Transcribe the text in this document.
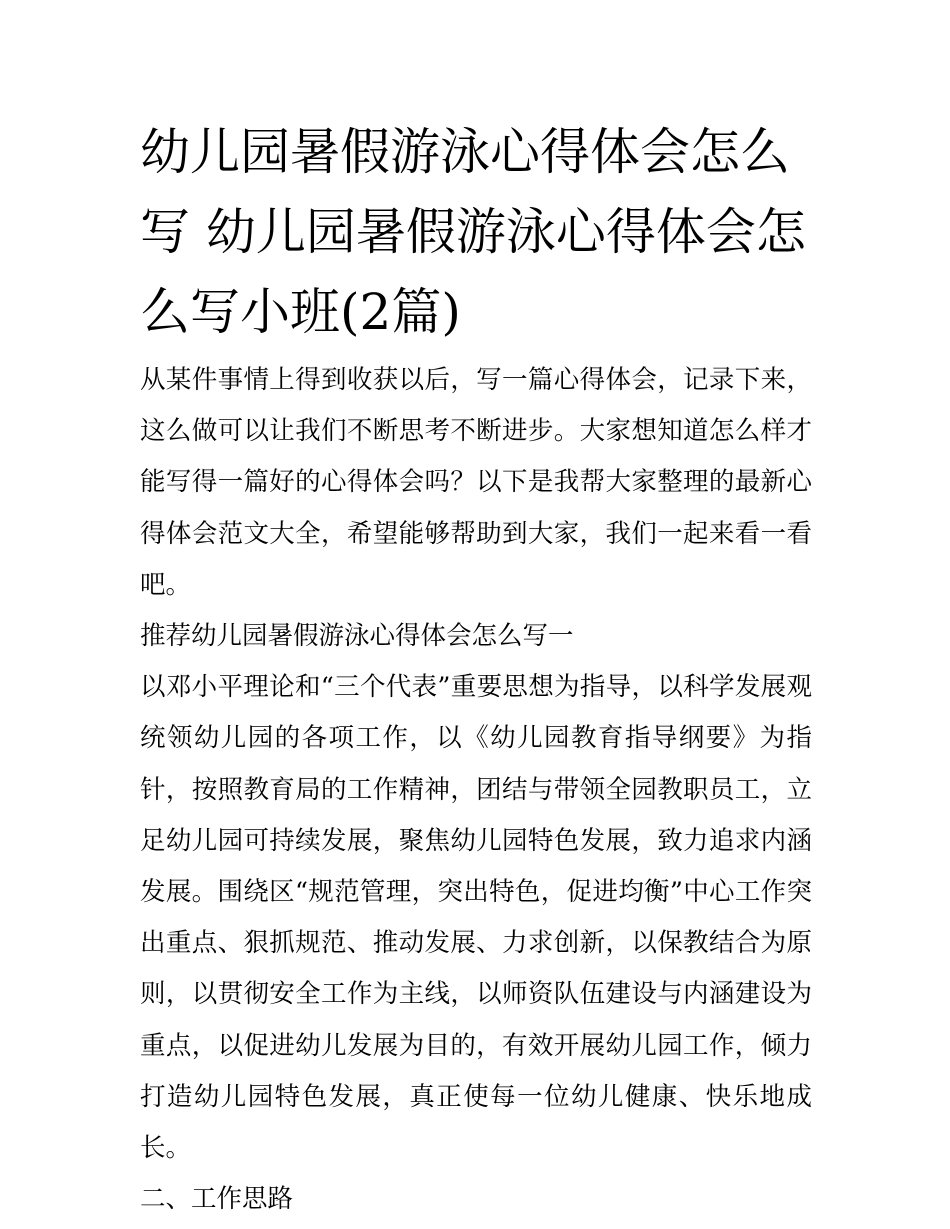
幼儿园暑假游泳心得体会怎么写 幼儿园暑假游泳心得体会怎么写小班(2篇)

从某件事情上得到收获以后，写一篇心得体会，记录下来，这么做可以让我们不断思考不断进步。大家想知道怎么样才能写得一篇好的心得体会吗？以下是我帮大家整理的最新心得体会范文大全，希望能够帮助到大家，我们一起来看一看吧。

推荐幼儿园暑假游泳心得体会怎么写一

以邓小平理论和“三个代表”重要思想为指导，以科学发展观统领幼儿园的各项工作，以《幼儿园教育指导纲要》为指针，按照教育局的工作精神，团结与带领全园教职员工，立足幼儿园可持续发展，聚焦幼儿园特色发展，致力追求内涵发展。围绕区“规范管理，突出特色，促进均衡”中心工作突出重点、狠抓规范、推动发展、力求创新，以保教结合为原则，以贯彻安全工作为主线，以师资队伍建设与内涵建设为重点，以促进幼儿发展为目的，有效开展幼儿园工作，倾力打造幼儿园特色发展，真正使每一位幼儿健康、快乐地成长。

二、工作思路
